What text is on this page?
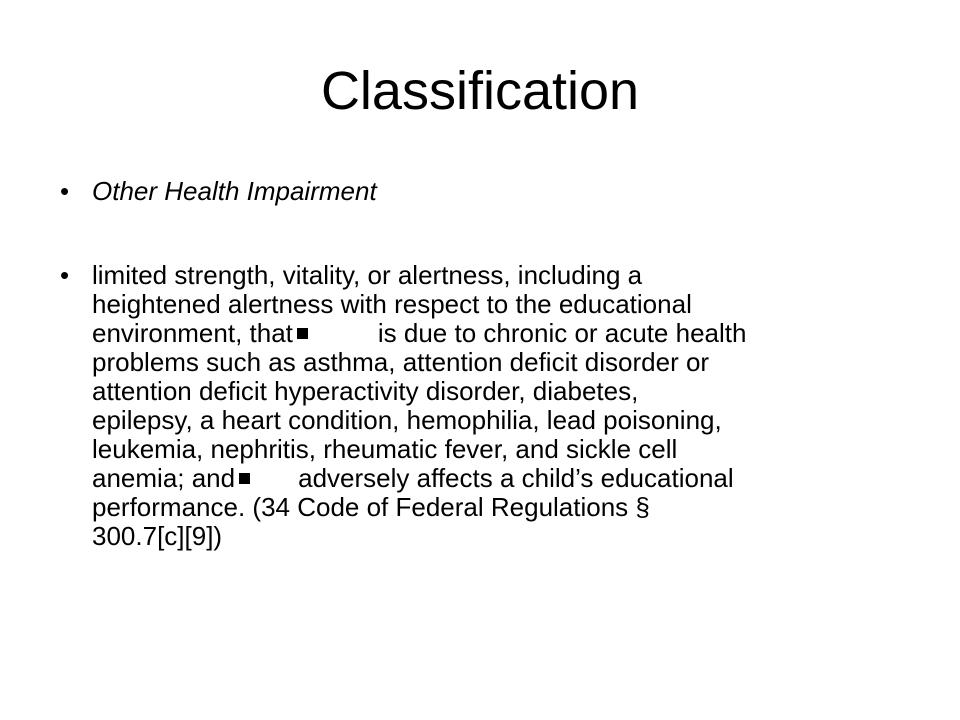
Classification
• Other Health Impairment
• limited strength, vitality, or alertness, including a
heightened alertness with respect to the educational
environment, that	is due to chronic or acute health
problems such as asthma, attention deficit disorder or
attention deficit hyperactivity disorder, diabetes,
epilepsy, a heart condition, hemophilia, lead poisoning,
leukemia, nephritis, rheumatic fever, and sickle cell
anemia; and adversely affects a child’s educational
performance. (34 Code of Federal Regulations §
300.7[c][9])
